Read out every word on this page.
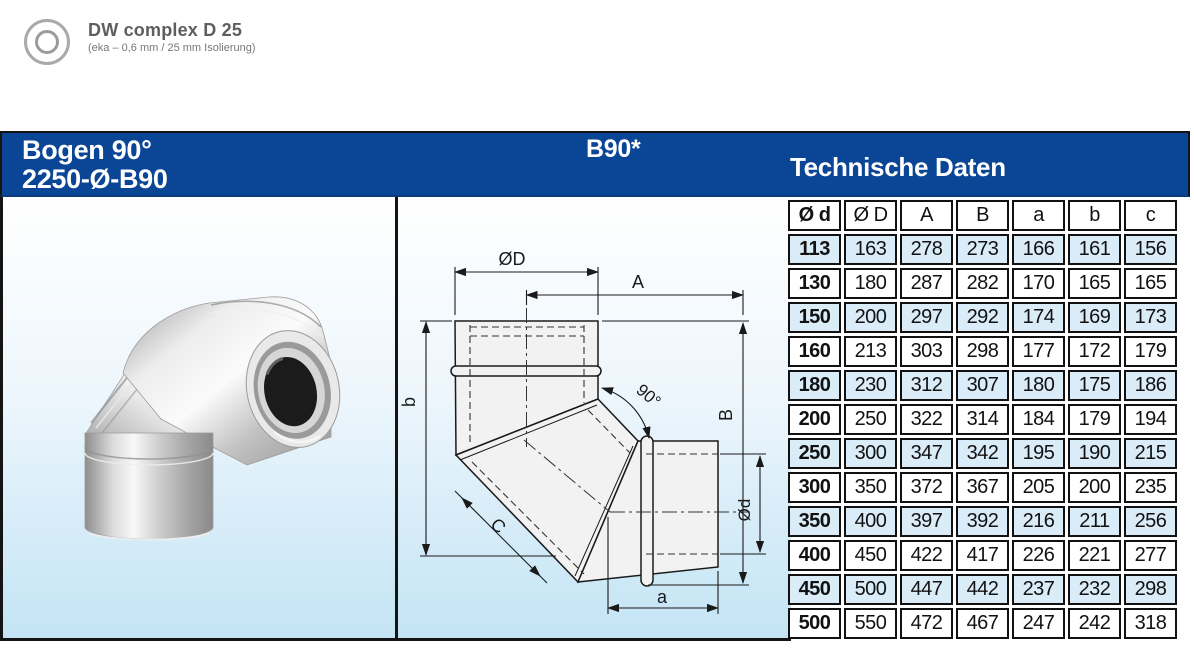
DW complex D 25
(eka – 0,6 mm / 25 mm Isolierung)
Bogen 90°
2250-Ø-B90
B90*
Technische Daten
ØD
A
b	90°
B
C
Ød
a
Ø d	Ø D	A	B	a	b	c
113	163	278	273	166	161	156
130	180	287	282	170	165	165
150	200	297	292	174	169	173
160	213	303	298	177	172	179
180	230	312	307	180	175	186
200	250	322	314	184	179	194
250	300	347	342	195	190	215
300	350	372	367	205	200	235
350	400	397	392	216	211	256
400	450	422	417	226	221	277
450	500	447	442	237	232	298
500	550	472	467	247	242	318
